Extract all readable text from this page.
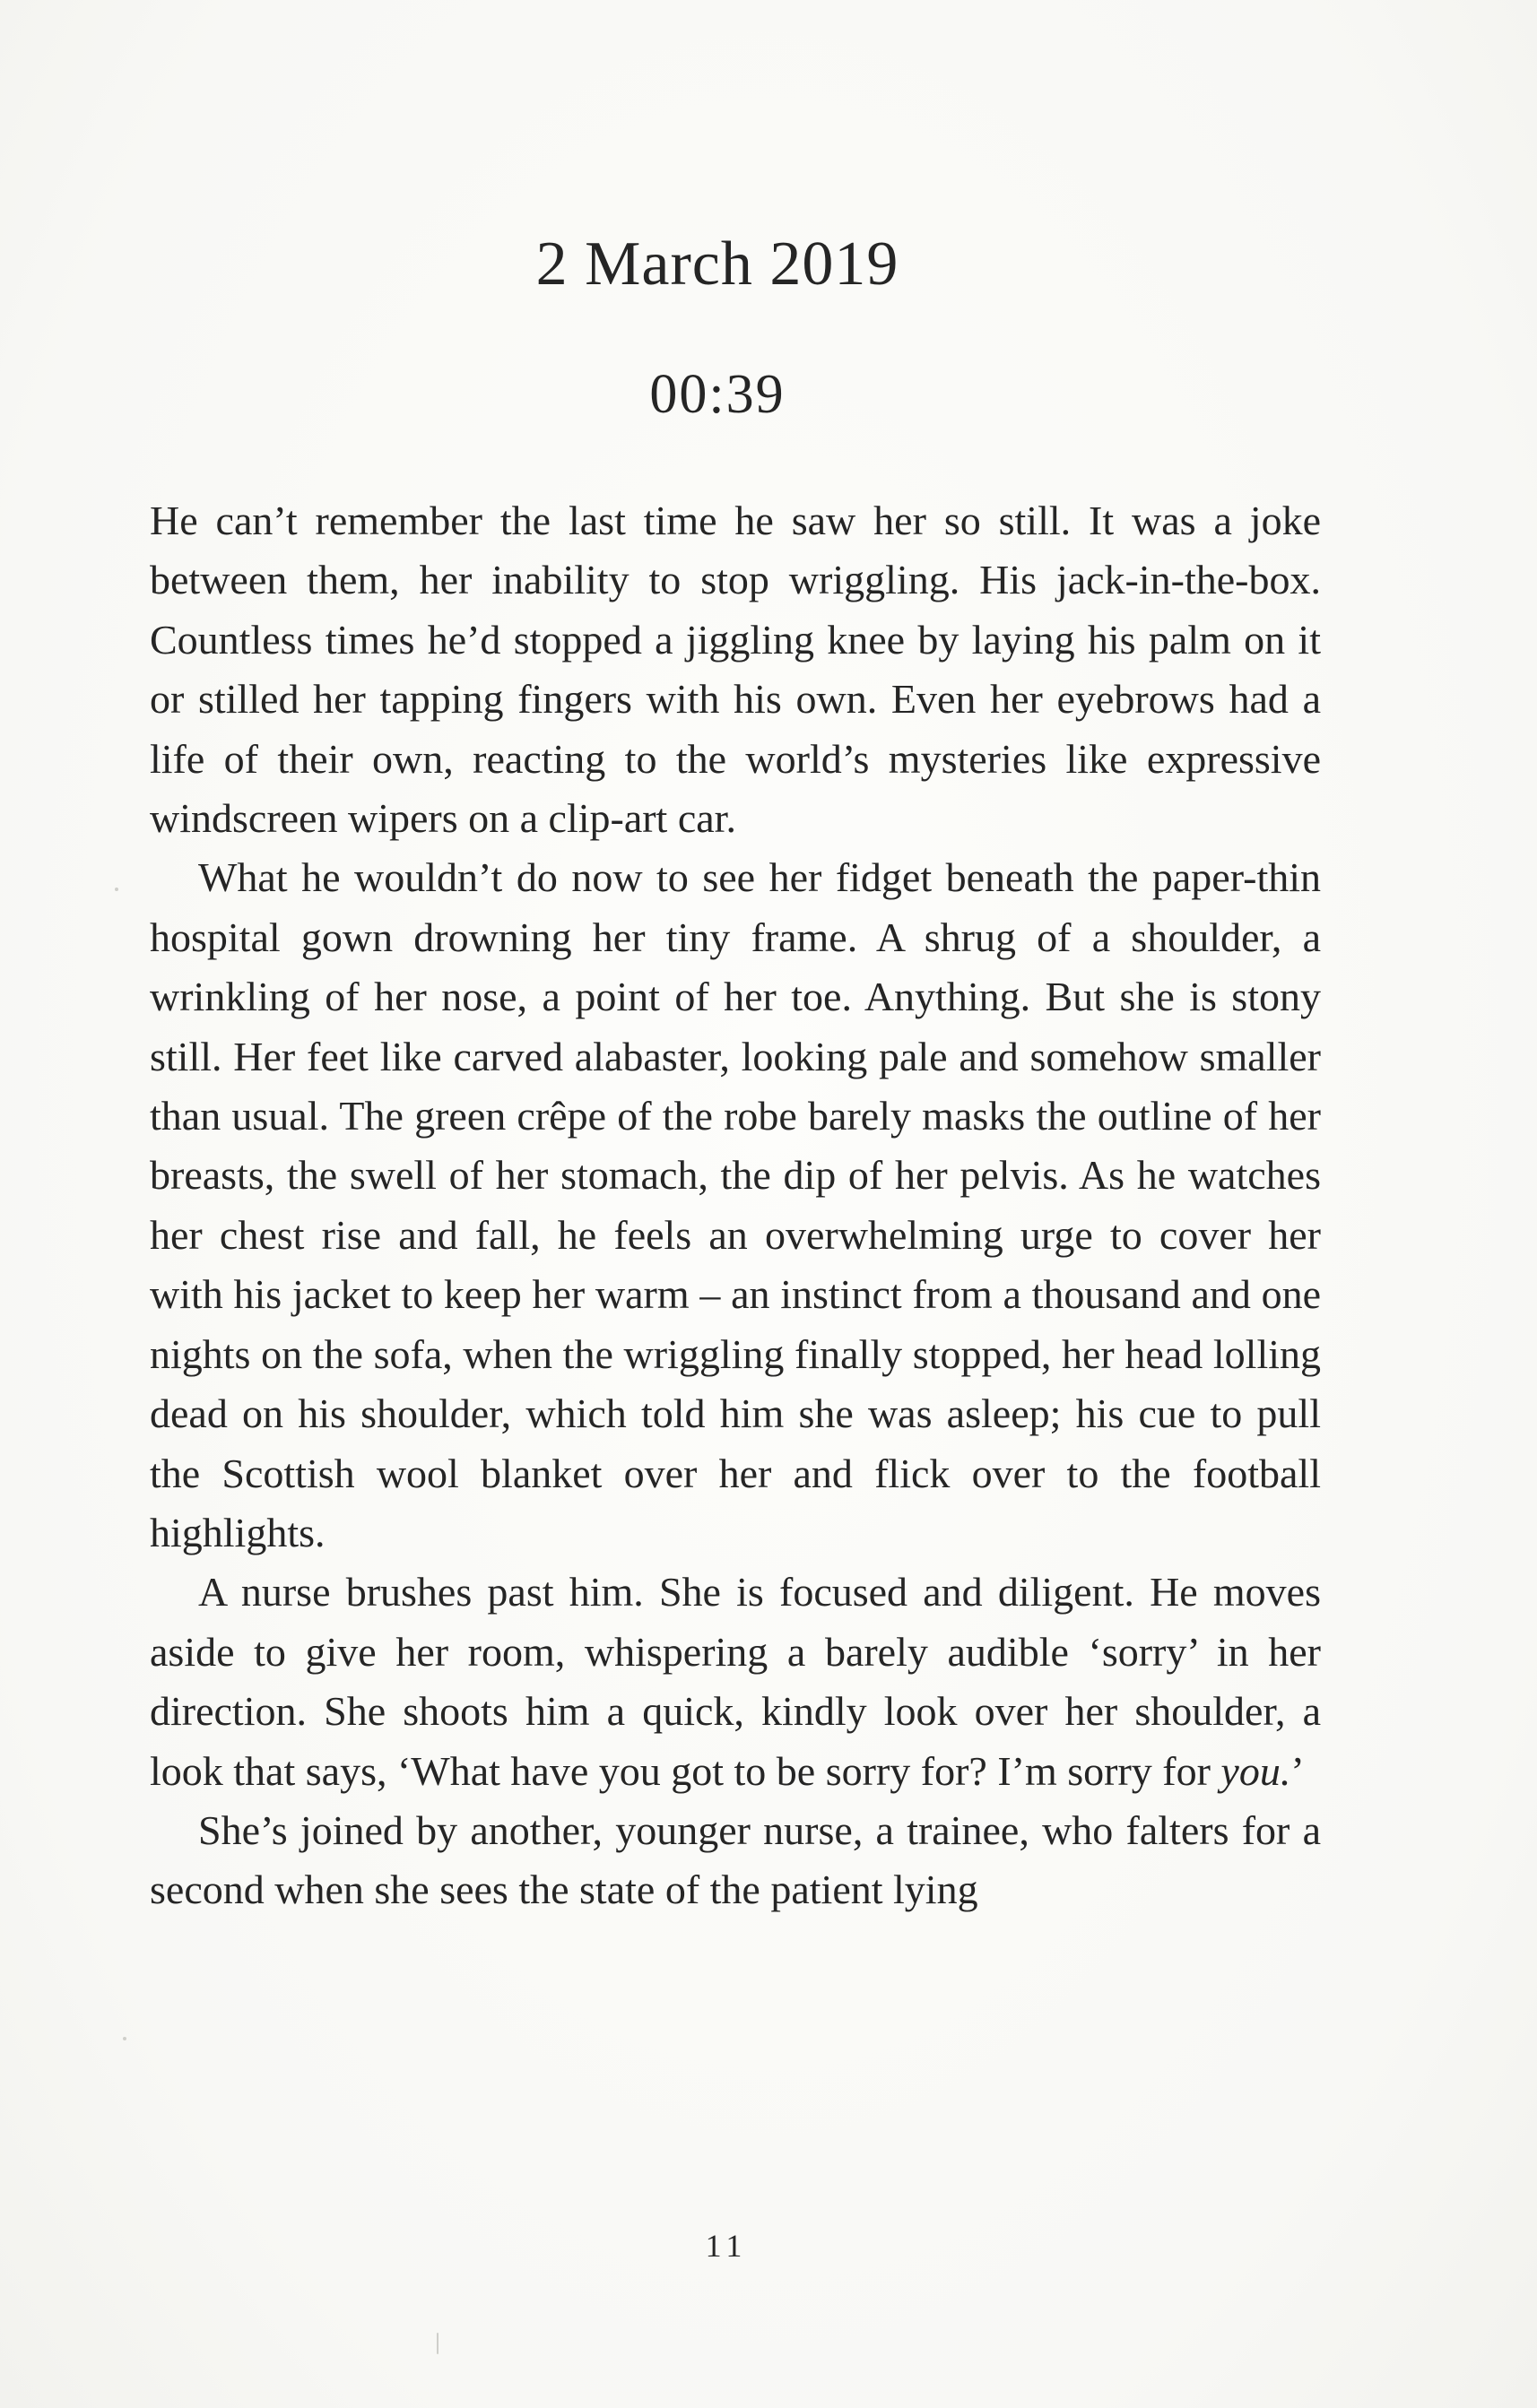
2 March 2019
00:39

He can’t remember the last time he saw her so still. It was a joke between them, her inability to stop wriggling. His jack-in-the-box. Countless times he’d stopped a jiggling knee by laying his palm on it or stilled her tapping fingers with his own. Even her eyebrows had a life of their own, reacting to the world’s mysteries like expressive windscreen wipers on a clip-art car.

What he wouldn’t do now to see her fidget beneath the paper-thin hospital gown drowning her tiny frame. A shrug of a shoulder, a wrinkling of her nose, a point of her toe. Anything. But she is stony still. Her feet like carved alabaster, looking pale and somehow smaller than usual. The green crêpe of the robe barely masks the outline of her breasts, the swell of her stomach, the dip of her pelvis. As he watches her chest rise and fall, he feels an overwhelming urge to cover her with his jacket to keep her warm – an instinct from a thousand and one nights on the sofa, when the wriggling finally stopped, her head lolling dead on his shoulder, which told him she was asleep; his cue to pull the Scottish wool blanket over her and flick over to the football highlights.

A nurse brushes past him. She is focused and diligent. He moves aside to give her room, whispering a barely audible ‘sorry’ in her direction. She shoots him a quick, kindly look over her shoulder, a look that says, ‘What have you got to be sorry for? I’m sorry for you.’

She’s joined by another, younger nurse, a trainee, who falters for a second when she sees the state of the patient lying

11
